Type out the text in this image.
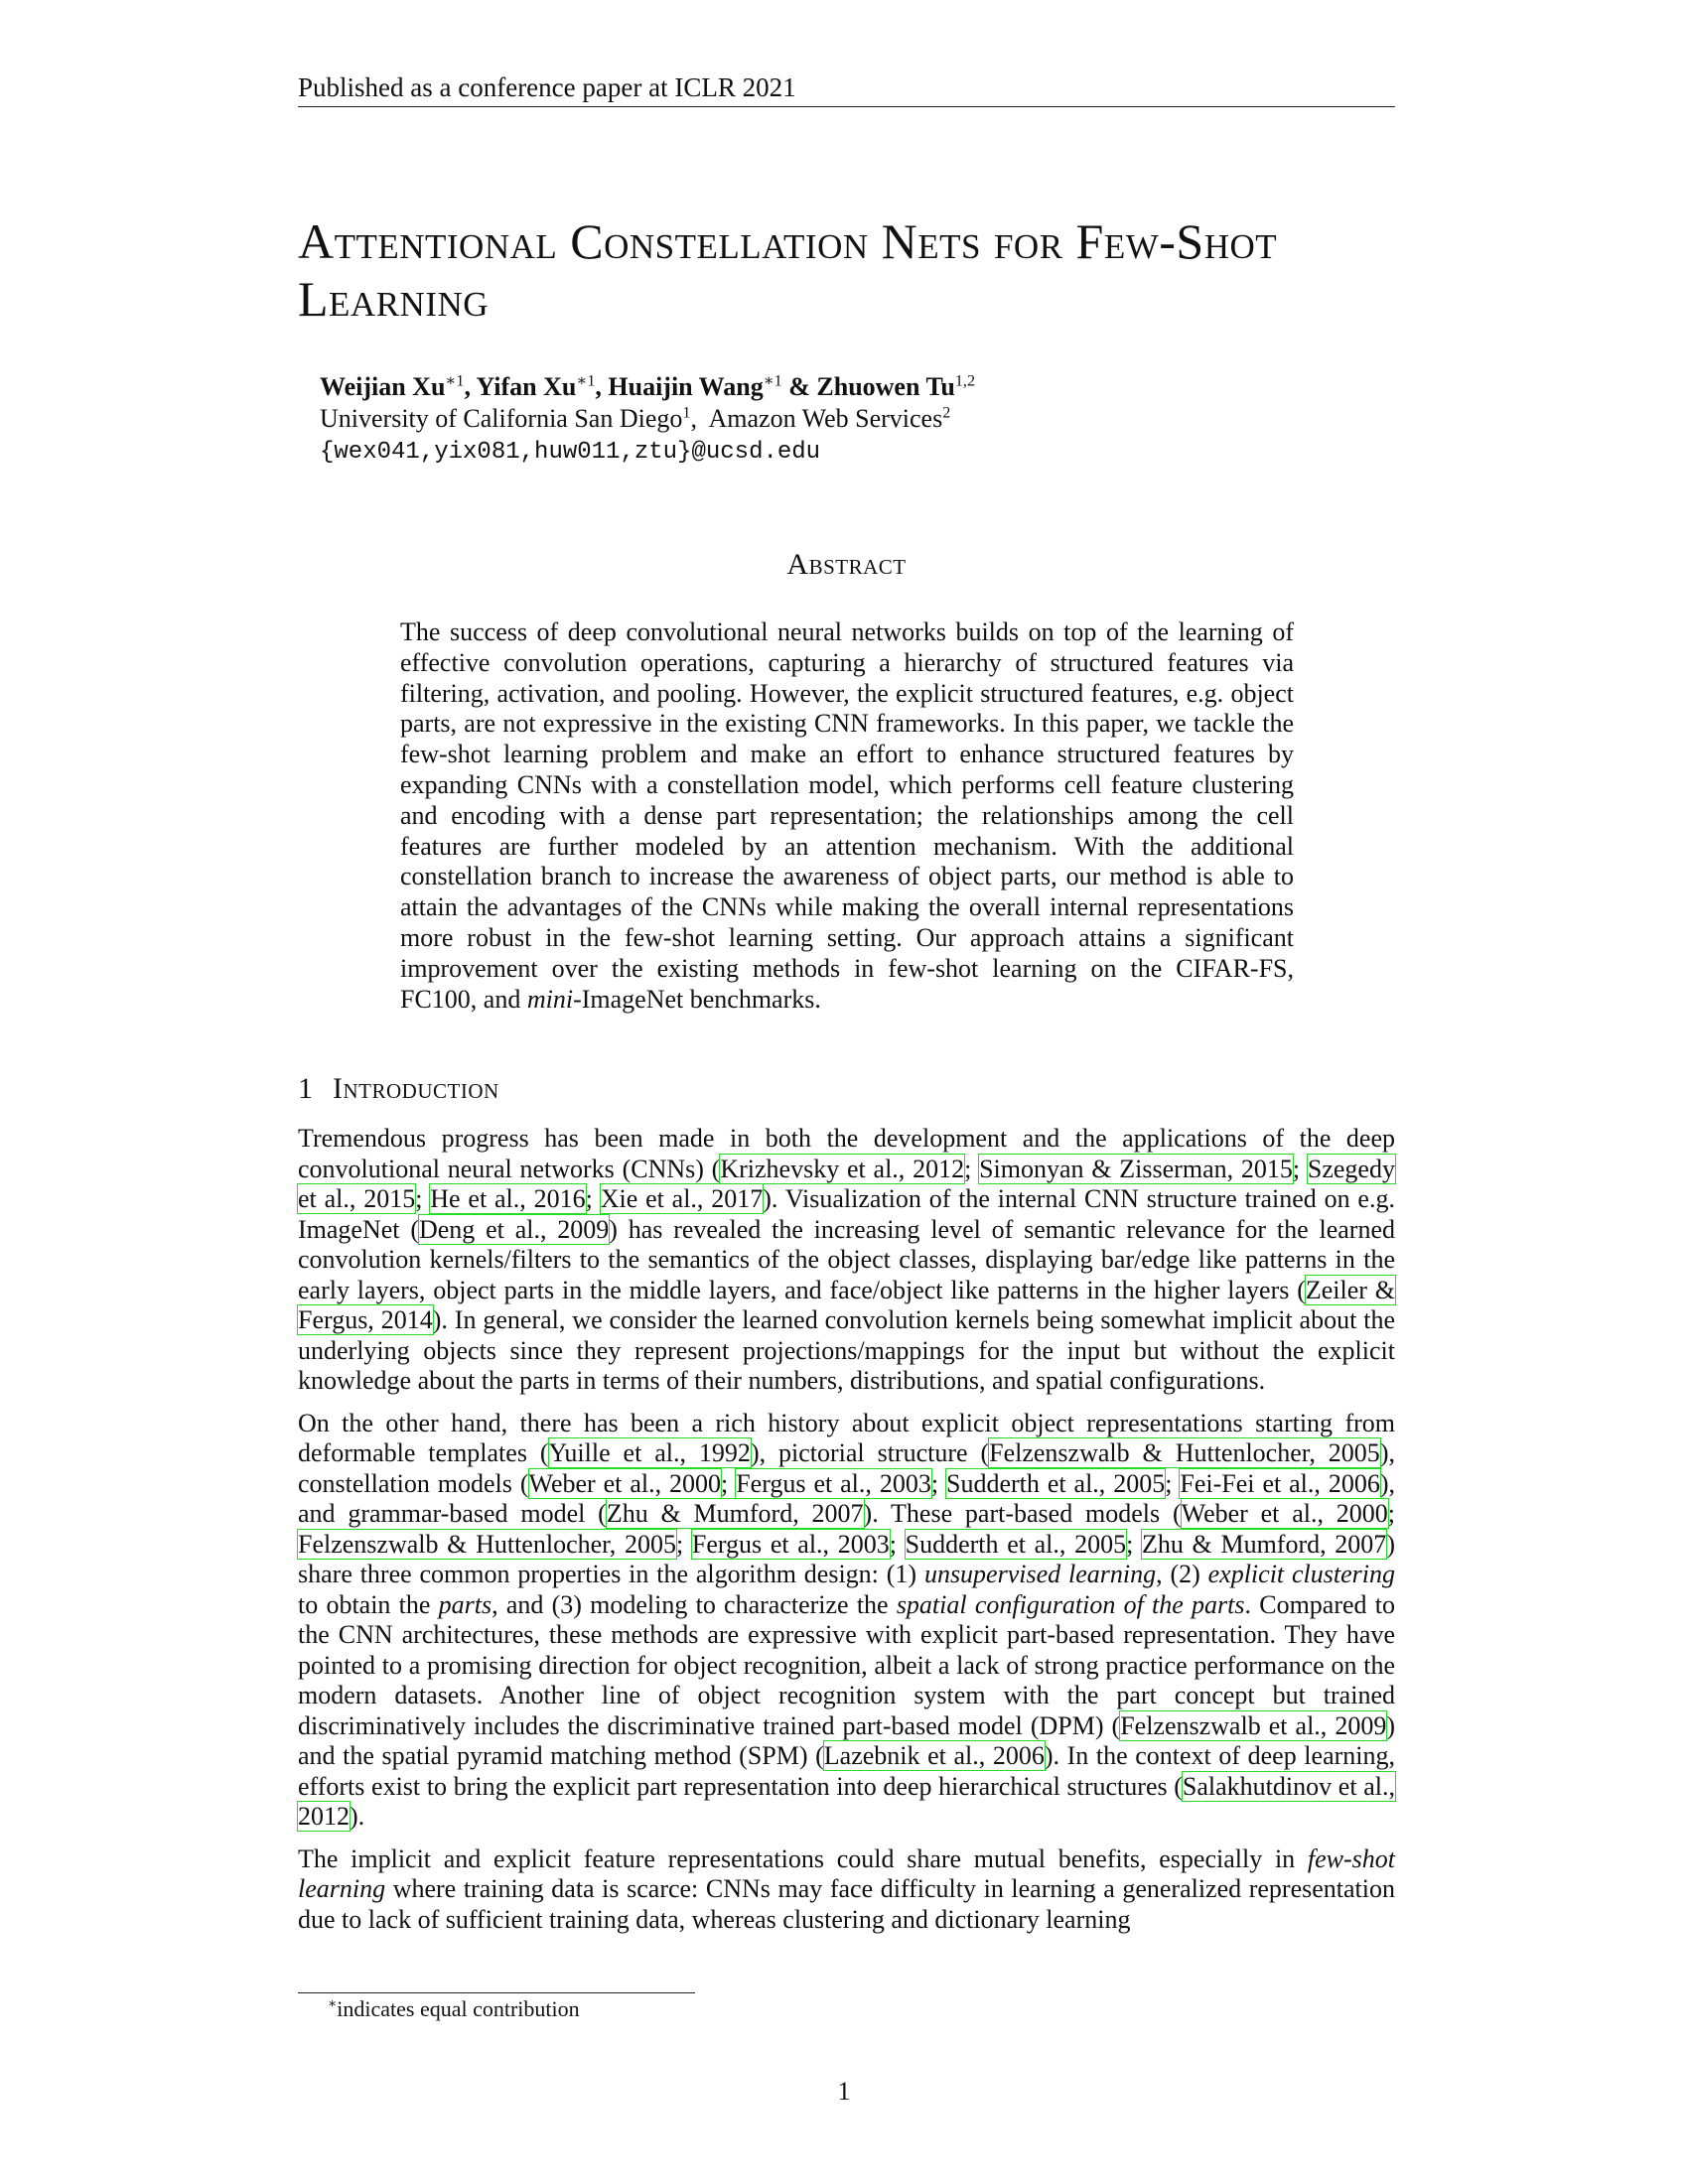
Published as a conference paper at ICLR 2021
Attentional Constellation Nets for Few-Shot
Learning
Weijian $Xu^{∗1}$, Yifan $Xu^{∗1}$, Huaijin Wang$^{∗1}$ & Zhuowen Tu$^{1,2}$
University of California San Diego$^1$,  Amazon Web Services$^2$
{wex041,yix081,huw011,ztu}@ucsd.edu
Abstract

The success of deep convolutional neural networks builds on top of the learning of effective convolution operations, capturing a hierarchy of structured features via filtering, activation, and pooling. However, the explicit structured features, e.g. object parts, are not expressive in the existing CNN frameworks. In this paper, we tackle the few-shot learning problem and make an effort to enhance structured features by expanding CNNs with a constellation model, which performs cell feature clustering and encoding with a dense part representation; the relationships among the cell features are further modeled by an attention mechanism. With the additional constellation branch to increase the awareness of object parts, our method is able to attain the advantages of the CNNs while making the overall internal representations more robust in the few-shot learning setting. Our approach attains a significant improvement over the existing methods in few-shot learning on the CIFAR-FS, FC100, and mini-ImageNet benchmarks.

1 Introduction

Tremendous progress has been made in both the development and the applications of the deep convolutional neural networks (CNNs) (Krizhevsky et al., 2012; Simonyan & Zisserman, 2015; Szegedy et al., 2015; He et al., 2016; Xie et al., 2017). Visualization of the internal CNN structure trained on e.g. ImageNet (Deng et al., 2009) has revealed the increasing level of semantic relevance for the learned convolution kernels/filters to the semantics of the object classes, displaying bar/edge like patterns in the early layers, object parts in the middle layers, and face/object like patterns in the higher layers (Zeiler & Fergus, 2014). In general, we consider the learned convolution kernels being somewhat implicit about the underlying objects since they represent projections/mappings for the input but without the explicit knowledge about the parts in terms of their numbers, distributions, and spatial configurations.

On the other hand, there has been a rich history about explicit object representations starting from deformable templates (Yuille et al., 1992), pictorial structure (Felzenszwalb & Huttenlocher, 2005), constellation models (Weber et al., 2000; Fergus et al., 2003; Sudderth et al., 2005; Fei-Fei et al., 2006), and grammar-based model (Zhu & Mumford, 2007). These part-based models (Weber et al., 2000; Felzenszwalb & Huttenlocher, 2005; Fergus et al., 2003; Sudderth et al., 2005; Zhu & Mumford, 2007) share three common properties in the algorithm design: (1) unsupervised learning, (2) explicit clustering to obtain the parts, and (3) modeling to characterize the spatial configuration of the parts. Compared to the CNN architectures, these methods are expressive with explicit part-based representation. They have pointed to a promising direction for object recognition, albeit a lack of strong practice performance on the modern datasets. Another line of object recognition system with the part concept but trained discriminatively includes the discriminative trained part-based model (DPM) (Felzenszwalb et al., 2009) and the spatial pyramid matching method (SPM) (Lazebnik et al., 2006). In the context of deep learning, efforts exist to bring the explicit part representation into deep hierarchical structures (Salakhutdinov et al., 2012).

The implicit and explicit feature representations could share mutual benefits, especially in few-shot learning where training data is scarce: CNNs may face difficulty in learning a generalized representation due to lack of sufficient training data, whereas clustering and dictionary learning

∗indicates equal contribution
1
